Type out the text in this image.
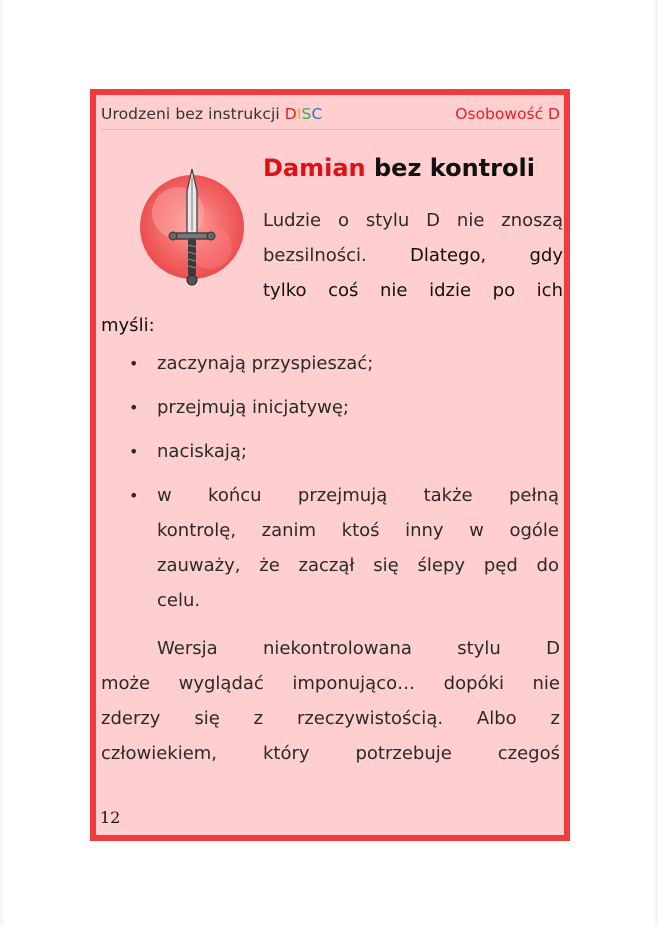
Urodzeni bez instrukcji DISC	Osobowość D
Damian bez kontroli
Ludzie o stylu D nie znoszą
bezsilności. Dlatego, gdy
tylko coś nie idzie po ich
myśli:
• zaczynają przyspieszać;
• przejmują inicjatywę;
• naciskają;
• w końcu przejmują także pełną
kontrolę, zanim ktoś inny w ogóle
zauważy, że zaczął się ślepy pęd do
celu.
Wersja niekontrolowana stylu D
może wyglądać imponująco… dopóki nie
zderzy się z rzeczywistością. Albo z
człowiekiem, który potrzebuje czegoś
12
